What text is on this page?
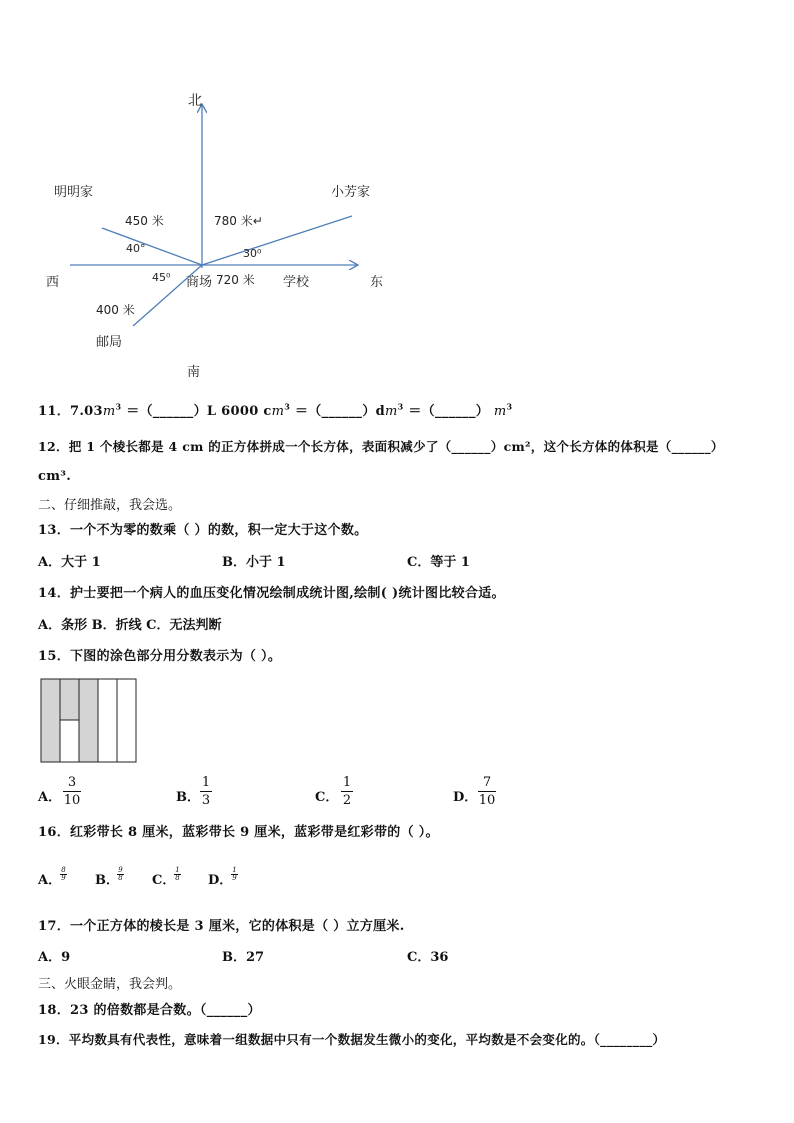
北
明明家	小芳家
450 米	780 米↵
40°	30⁰
西	45⁰ 商场 720 米 学校	东
400 米
邮局
南
11．$7.03m^3$ ＝（______）L 6000 $cm^3$ $=(\_\_\_\_\_\_)dm^3$ ＝（______） $m^3$
12．把 1 个棱长都是 4 cm 的正方体拼成一个长方体，表面积减少了（______）cm²，这个长方体的体积是（______）
cm³.
二、仔细推敲，我会选。
13．一个不为零的数乘（ ）的数，积一定大于这个数。
A．大于 1	B．小于 1	C．等于 1
14．护士要把一个病人的血压变化情况绘制成统计图,绘制( )统计图比较合适。
A．条形 B．折线 C．无法判断
15．下图的涂色部分用分数表示为（ ）。
A．
3
10	B．
1
3	C．
1
2	D．
7
10
16．红彩带长 8 厘米，蓝彩带长 9 厘米，蓝彩带是红彩带的（ ）。
A．
8
9 B．
9
8 C．
1
8 D．
1
9
17．一个正方体的棱长是 3 厘米，它的体积是（ ）立方厘米.
A．9	B．27	C．36
三、火眼金睛，我会判。
18．23 的倍数都是合数。（______）
19．平均数具有代表性，意味着一组数据中只有一个数据发生微小的变化，平均数是不会变化的。（________）
